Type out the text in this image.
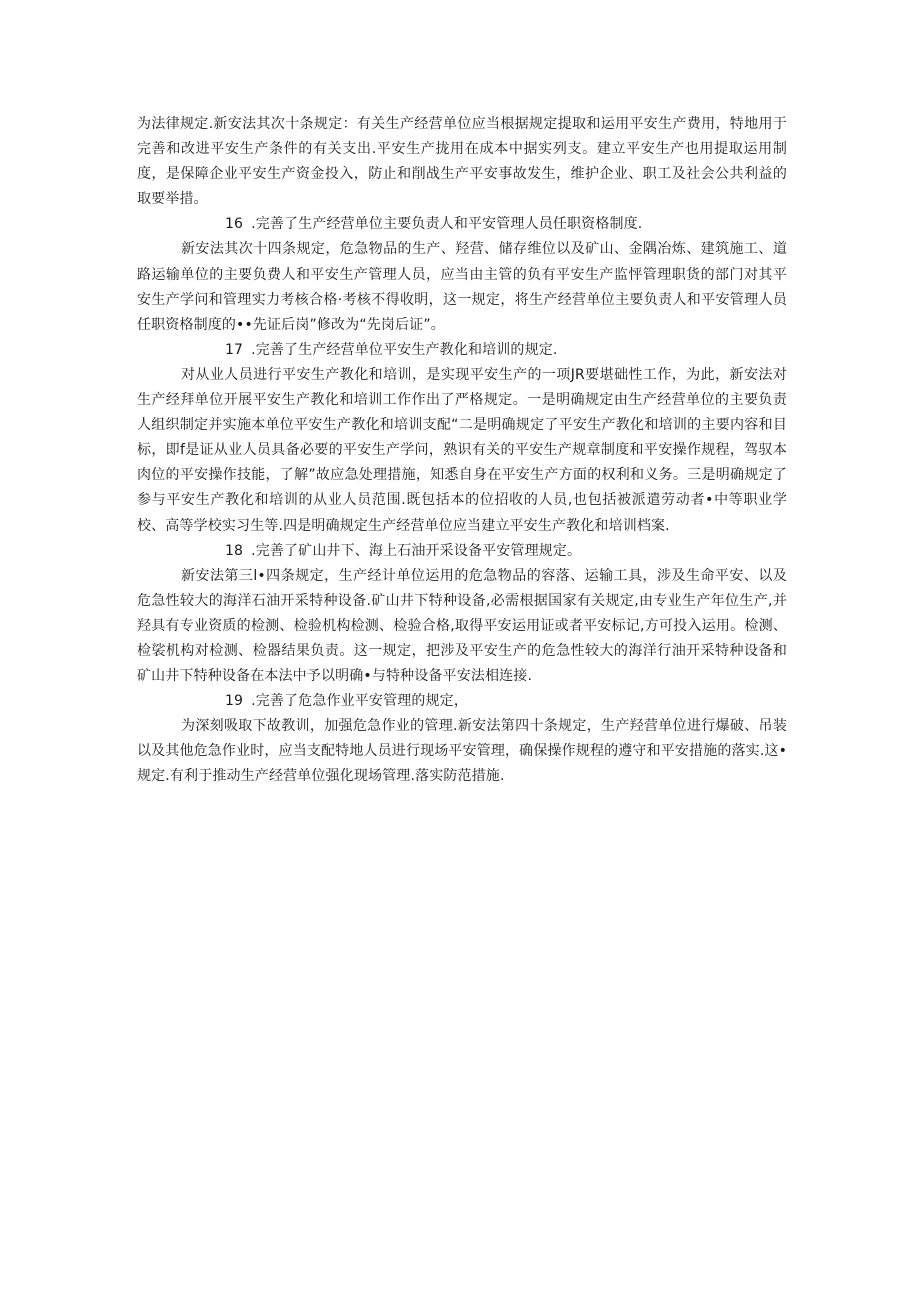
为法律规定.新安法其次十条规定：有关生产经营单位应当根据规定提取和运用平安生产费用，特地用于完善和改进平安生产条件的有关支出.平安生产拢用在成本中据实列支。建立平安生产也用提取运用制度，是保障企业平安生产资金投入，防止和削战生产平安事故发生，维护企业、职工及社会公共利益的取要举措。

16 .完善了生产经营单位主要负责人和平安管理人员任职资格制度.

新安法其次十四条规定，危急物品的生产、羟营、储存维位以及矿山、金隅冶炼、建筑施工、道路运输单位的主要负费人和平安生产管理人员，应当由主管的负有平安生产监怦管理职货的部门对其平安生产学问和管理实力考核合格·考核不得收眀，这一规定，将生产经营单位主要负责人和平安管理人员任职资格制度的••先证后岗”修改为“先岗后证”。

17 .完善了生产经营单位平安生产教化和培训的规定.

对从业人员进行平安生产教化和培训，是实现平安生产的一项JR要堪础性工作，为此，新安法对生产经拜单位开展平安生产教化和培训工作作出了严格规定。一是明确规定由生产经营单位的主要负责人组织制定并实施本单位平安生产教化和培训支配“二是明确规定了平安生产教化和培训的主要内容和目标，即f是证从业人员具备必要的平安生产学问，熟识有关的平安生产规章制度和平安操作规程，驾驭本肉位的平安操作技能，了解”故应急处理措施，知悉自身在平安生产方面的权利和义务。三是明确规定了参与平安生产教化和培训的从业人员范围.既包括本的位招收的人员,也包括被派遣劳动者•中等职业学校、高等学校实习生等.四是明确规定生产经营单位应当建立平安生产教化和培训档案.

18 .完善了矿山井下、海上石油开采设备平安管理规定。

新安法第三l•四条规定，生产经计单位运用的危急物品的容落、运输工具，涉及生命平安、以及危急性较大的海洋石油开采特种设备.矿山井下特种设备,必需根据国家有关规定,由专业生产年位生产,并羟具有专业资质的检测、检验机构检测、检验合格,取得平安运用证或者平安标记,方可投入运用。检测、检裟机构对检测、检器结果负责。这一规定，把涉及平安生产的危急性较大的海洋行油开采特种设备和矿山井下特种设备在本法中予以明确•与特种设备平安法相连接.

19 .完善了危急作业平安管理的规定，

为深刻吸取下故教训，加强危急作业的管理.新安法第四十条规定，生产羟营单位进行爆破、吊装以及其他危急作业时，应当支配特地人员进行现场平安管理，确保操作规程的遵守和平安措施的落实.这•规定.有利于推动生产经营单位强化现场管理.落实防范措施.
